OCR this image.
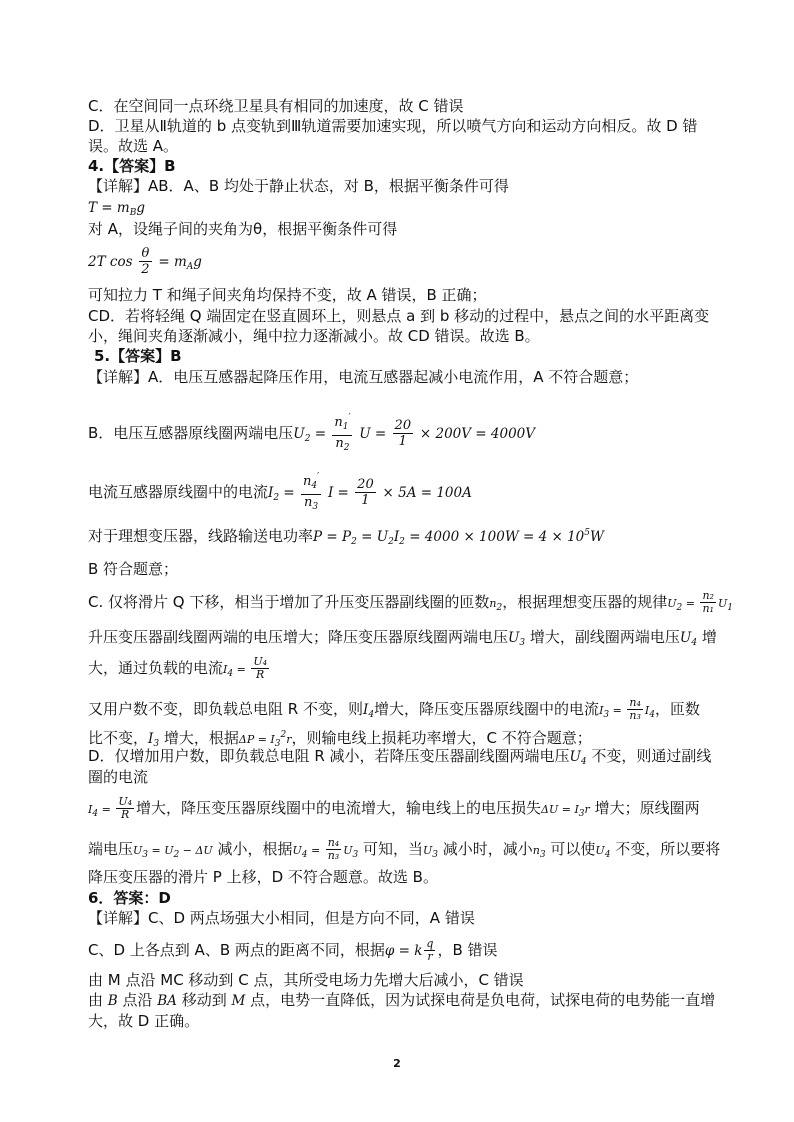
C．在空间同一点环绕卫星具有相同的加速度，故 C 错误
D．卫星从Ⅱ轨道的 b 点变轨到Ⅲ轨道需要加速实现，所以喷气方向和运动方向相反。故 D 错
误。故选 A。
4.【答案】B
【详解】AB．A、B 均处于静止状态，对 B，根据平衡条件可得
$T = m_Bg$
对 A，设绳子间的夹角为θ，根据平衡条件可得
2T $\cos \frac{\theta}{2} = m_Ag$
可知拉力 T 和绳子间夹角均保持不变，故 A 错误，B 正确；
CD．若将轻绳 Q 端固定在竖直圆环上，则悬点 a 到 b 移动的过程中，悬点之间的水平距离变
小，绳间夹角逐渐减小，绳中拉力逐渐减小。故 CD 错误。故选 B。
5.【答案】B
【详解】A．电压互感器起降压作用，电流互感器起减小电流作用，A 不符合题意；
B．电压互感器原线圈两端电压$U_2 = \frac{n_1'}{n_2}$ $U = \frac{20}{1} \times 200V = 4000V$
电流互感器原线圈中的电流$I_2 = \frac{n_4'}{n_3}$ $I = \frac{20}{1} \times 5A = 100A$
对于理想变压器，线路输送电功率$P = P_2 = U_2I_2 = 4000 \times 100W = 4 \times 10^5W$
B 符合题意；
C. 仅将滑片 Q 下移，相当于增加了升压变压器副线圈的匝数$n_2$，根据理想变压器的规律$U_2 = \frac{\text{n₂}}{\text{n₁}} U_1$
升压变压器副线圈两端的电压增大；降压变压器原线圈两端电压$U_3$ 增大，副线圈两端电压$U_4$ 增
大，通过负载的电流$I_4 = \frac{\text{U₄}}{R}$
又用户数不变，即负载总电阻 R 不变，则$I_4$增大，降压变压器原线圈中的电流$I_3 = \frac{\text{n₄}}{\text{n₃}} I_4$，匝数
比不变，$I_3$ 增大，根据$\Delta P = I_3^2r$，则输电线上损耗功率增大，C 不符合题意；
D．仅增加用户数，即负载总电阻 R 减小，若降压变压器副线圈两端电压$U_4$ 不变，则通过副线
圈的电流
$I_4 = \frac{\text{U₄}}{R}$ 增大，降压变压器原线圈中的电流增大，输电线上的电压损失$\Delta U = I_3r$ 增大；原线圈两
端电压$U_3 = U_2 - \Delta U$ 减小，根据$U_4 = \frac{\text{n₄}}{\text{n₃}} U_3$ 可知，当$U_3$ 减小时，减小$n_3$ 可以使$U_4$ 不变，所以要将
降压变压器的滑片 P 上移，D 不符合题意。故选 B。
6．答案：D
【详解】C、D 两点场强大小相同，但是方向不同，A 错误
C、D 上各点到 A、B 两点的距离不同，根据φ = k $\frac{q}{r}$ ，B 错误
由 M 点沿 MC 移动到 C 点，其所受电场力先增大后减小，C 错误
由 B 点沿 BA 移动到 M 点，电势一直降低，因为试探电荷是负电荷，试探电荷的电势能一直增
大，故 D 正确。
2
